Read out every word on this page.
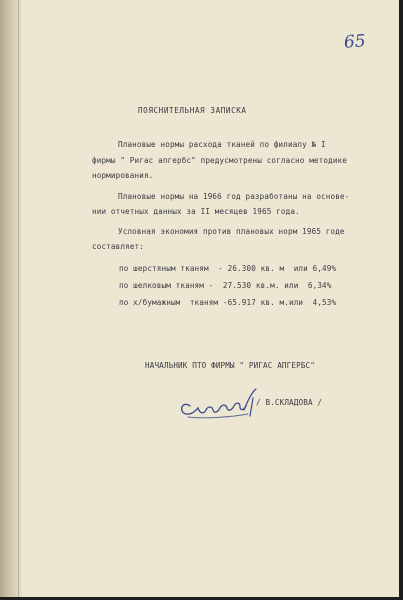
65
ПОЯСНИТЕЛЬНАЯ ЗАПИСКА
Плановые нормы расхода тканей по филиалу № I
фирмы " Ригас апгербс" предусмотрены согласно методике
нормирования.
Плановые нормы на 1966 год разработаны на основе-
нии отчетных данных за II месяцев 1965 года.
Условная экономия против плановых норм 1965 годе
составляет:
по шерстяным тканям  - 26.300 кв. м  или 6,49%
по шелковым тканям -  27.530 кв.м. или  6,34%
по х/бумажным  тканям -65.917 кв. м.или  4,53%
НАЧАЛЬНИК ПТО ФИРМЫ " РИГАС АПГЕРБС"
/ В.СКЛАДОВА /
